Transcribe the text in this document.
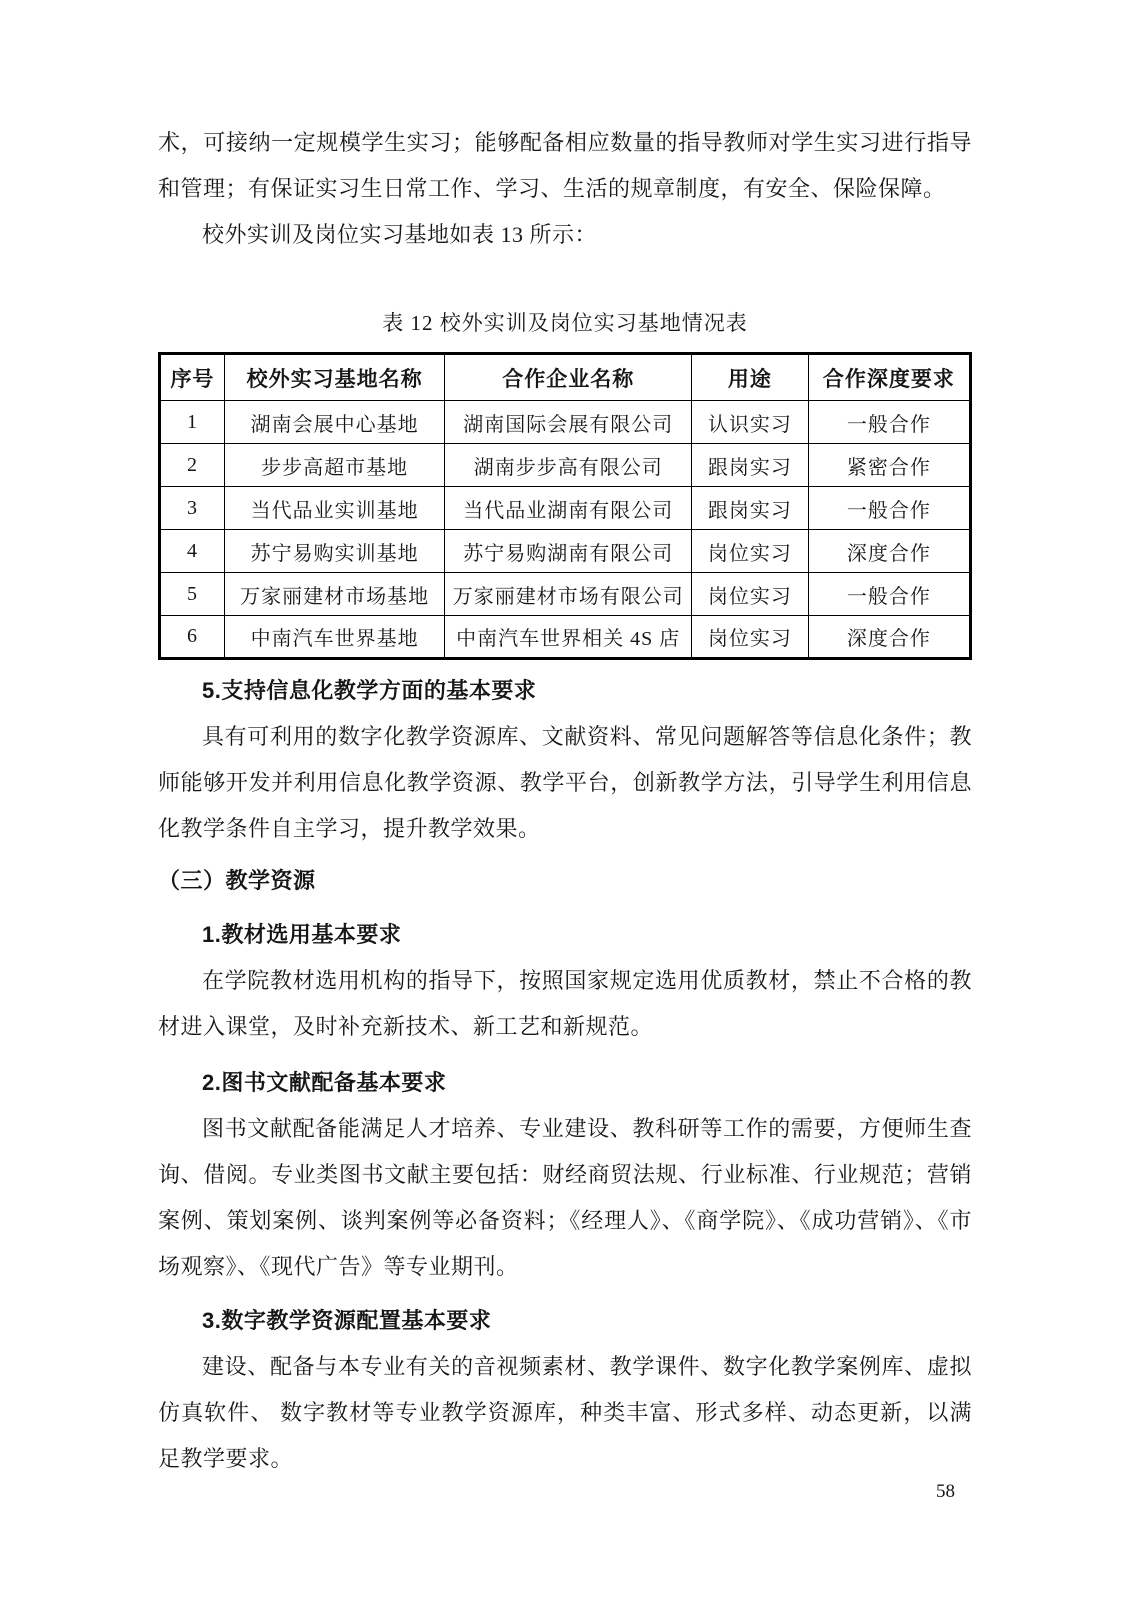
术，可接纳一定规模学生实习；能够配备相应数量的指导教师对学生实习进行指导和管理；有保证实习生日常工作、学习、生活的规章制度，有安全、保险保障。

校外实训及岗位实习基地如表 13 所示：

表 12 校外实训及岗位实习基地情况表

序号	校外实习基地名称	合作企业名称	用途	合作深度要求
1	湖南会展中心基地	湖南国际会展有限公司	认识实习	一般合作
2	步步高超市基地	湖南步步高有限公司	跟岗实习	紧密合作
3	当代品业实训基地	当代品业湖南有限公司	跟岗实习	一般合作
4	苏宁易购实训基地	苏宁易购湖南有限公司	岗位实习	深度合作
5	万家丽建材市场基地	万家丽建材市场有限公司	岗位实习	一般合作
6	中南汽车世界基地	中南汽车世界相关 4S 店	岗位实习	深度合作
5.支持信息化教学方面的基本要求

具有可利用的数字化教学资源库、文献资料、常见问题解答等信息化条件；教师能够开发并利用信息化教学资源、教学平台，创新教学方法，引导学生利用信息化教学条件自主学习，提升教学效果。

（三）教学资源
1.教材选用基本要求

在学院教材选用机构的指导下，按照国家规定选用优质教材，禁止不合格的教材进入课堂，及时补充新技术、新工艺和新规范。

2.图书文献配备基本要求

图书文献配备能满足人才培养、专业建设、教科研等工作的需要，方便师生查询、借阅。专业类图书文献主要包括：财经商贸法规、行业标准、行业规范；营销案例、策划案例、谈判案例等必备资料；《经理人》、《商学院》、《成功营销》、《市场观察》、《现代广告》等专业期刊。

3.数字教学资源配置基本要求

建设、配备与本专业有关的音视频素材、教学课件、数字化教学案例库、虚拟仿真软件、 数字教材等专业教学资源库，种类丰富、形式多样、动态更新，以满足教学要求。

58
